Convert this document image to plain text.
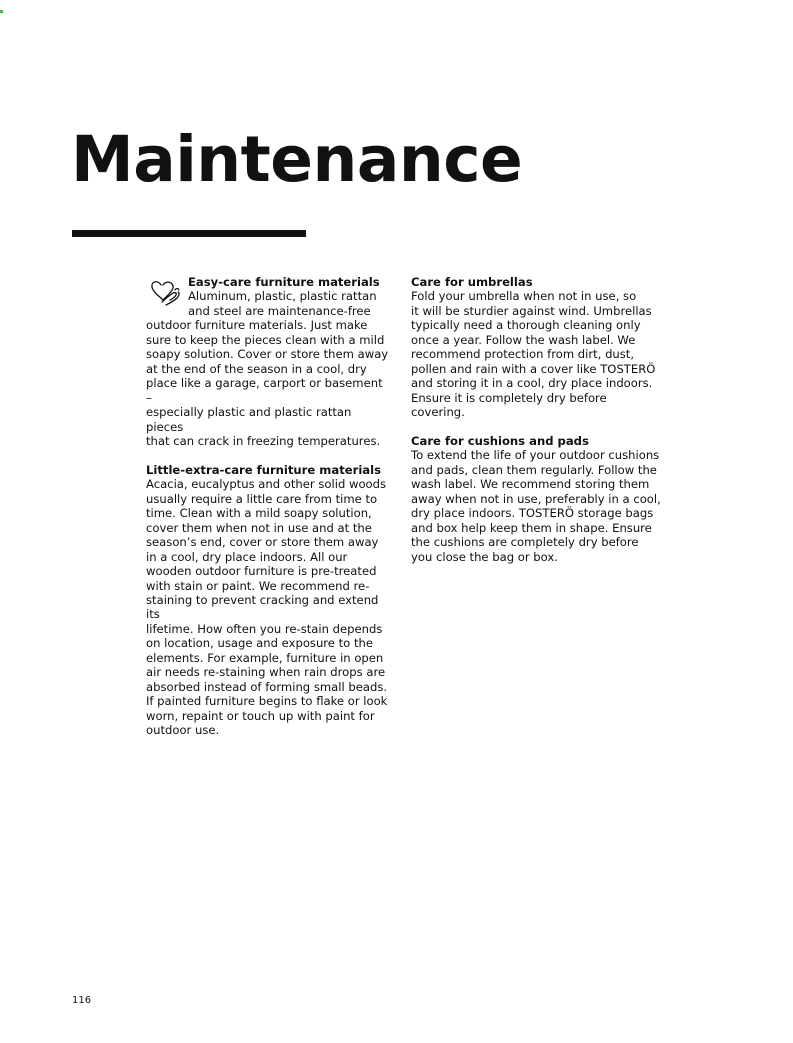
Maintenance

Easy-care furniture materials

Aluminum, plastic, plastic rattan
and steel are maintenance-free

outdoor furniture materials. Just make
sure to keep the pieces clean with a mild
soapy solution. Cover or store them away
at the end of the season in a cool, dry
place like a garage, carport or basement –
especially plastic and plastic rattan pieces
that can crack in freezing temperatures.

Little-extra-care furniture materials

Acacia, eucalyptus and other solid woods
usually require a little care from time to
time. Clean with a mild soapy solution,
cover them when not in use and at the
season’s end, cover or store them away
in a cool, dry place indoors. All our
wooden outdoor furniture is pre-treated
with stain or paint. We recommend re-
staining to prevent cracking and extend its
lifetime. How often you re-stain depends
on location, usage and exposure to the
elements. For example, furniture in open
air needs re-staining when rain drops are
absorbed instead of forming small beads.
If painted furniture begins to flake or look
worn, repaint or touch up with paint for
outdoor use.

Care for umbrellas

Fold your umbrella when not in use, so
it will be sturdier against wind. Umbrellas
typically need a thorough cleaning only
once a year. Follow the wash label. We
recommend protection from dirt, dust,
pollen and rain with a cover like TOSTERÖ
and storing it in a cool, dry place indoors.
Ensure it is completely dry before covering.

Care for cushions and pads

To extend the life of your outdoor cushions
and pads, clean them regularly. Follow the
wash label. We recommend storing them
away when not in use, preferably in a cool,
dry place indoors. TOSTERÖ storage bags
and box help keep them in shape. Ensure
the cushions are completely dry before
you close the bag or box.

116
